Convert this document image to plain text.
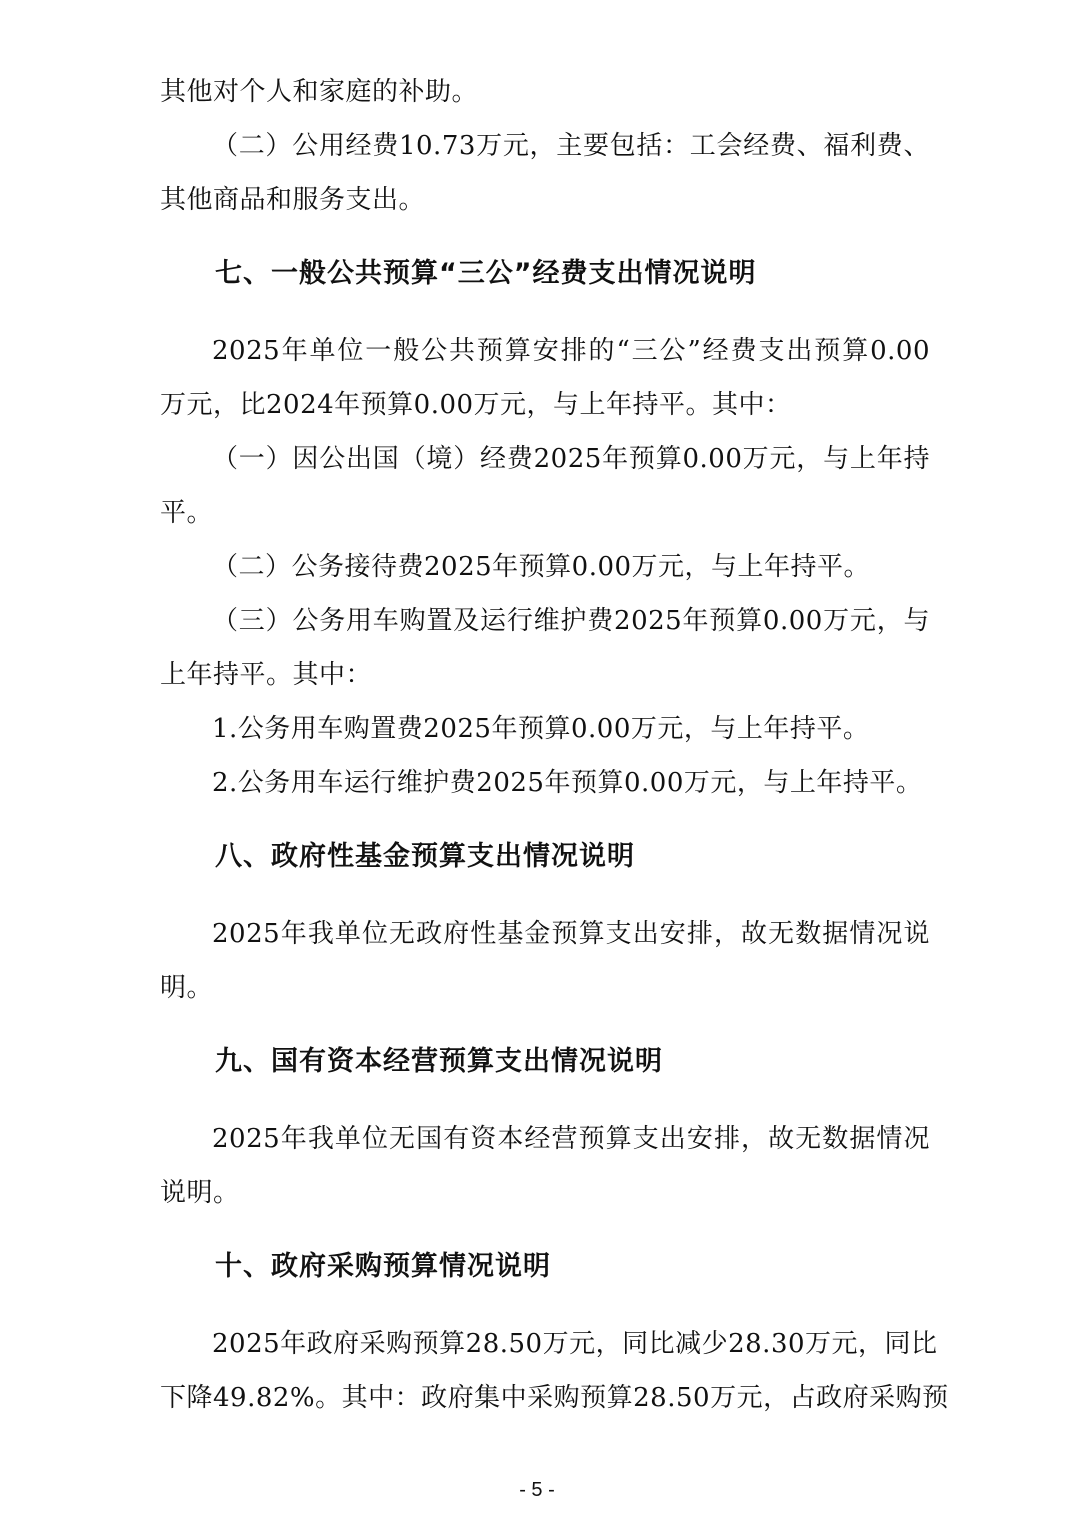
其他对个人和家庭的补助。
（二）公用经费10.73万元，主要包括：工会经费、福利费、
其他商品和服务支出。
七、一般公共预算“三公”经费支出情况说明
2025年单位一般公共预算安排的“三公”经费支出预算0.00
万元，比2024年预算0.00万元，与上年持平。其中：
（一）因公出国（境）经费2025年预算0.00万元，与上年持
平。
（二）公务接待费2025年预算0.00万元，与上年持平。
（三）公务用车购置及运行维护费2025年预算0.00万元，与
上年持平。其中：
1.公务用车购置费2025年预算0.00万元，与上年持平。
2.公务用车运行维护费2025年预算0.00万元，与上年持平。
八、政府性基金预算支出情况说明
2025年我单位无政府性基金预算支出安排，故无数据情况说
明。
九、国有资本经营预算支出情况说明
2025年我单位无国有资本经营预算支出安排，故无数据情况
说明。
十、政府采购预算情况说明
2025年政府采购预算28.50万元，同比减少28.30万元，同比
下降49.82%。其中：政府集中采购预算28.50万元，占政府采购预
- 5 -
